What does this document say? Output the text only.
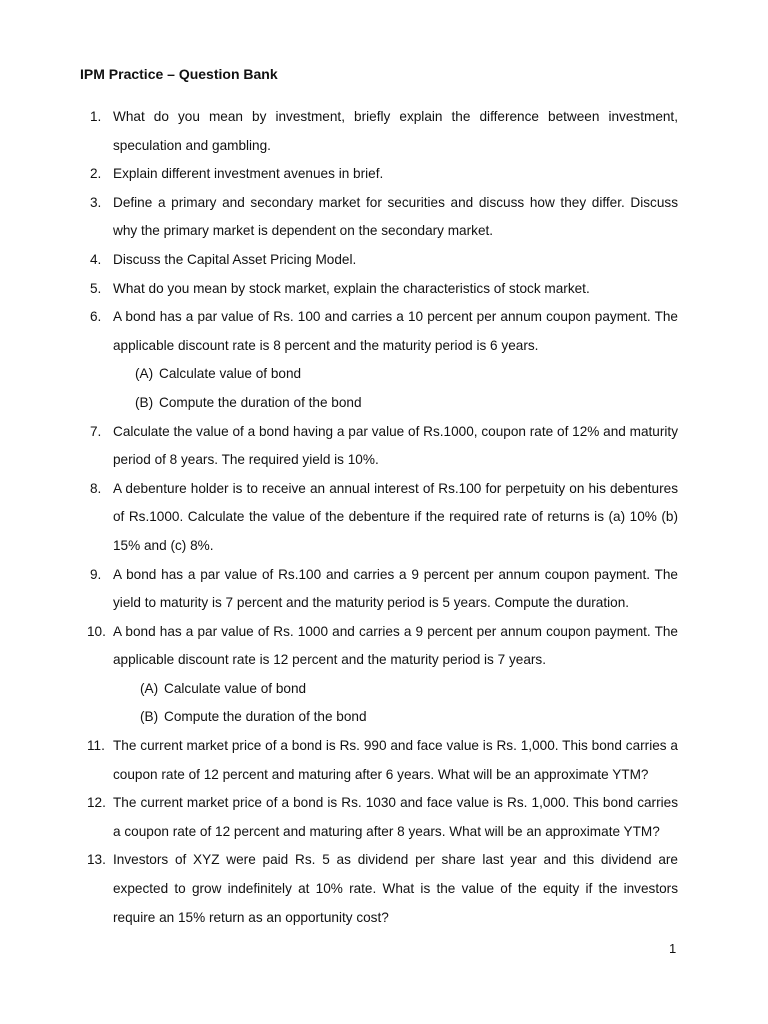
IPM Practice – Question Bank
1. What do you mean by investment, briefly explain the difference between investment, speculation and gambling.
2. Explain different investment avenues in brief.
3. Define a primary and secondary market for securities and discuss how they differ. Discuss why the primary market is dependent on the secondary market.
4. Discuss the Capital Asset Pricing Model.
5. What do you mean by stock market, explain the characteristics of stock market.
6. A bond has a par value of Rs. 100 and carries a 10 percent per annum coupon payment. The applicable discount rate is 8 percent and the maturity period is 6 years.
(A) Calculate value of bond
(B) Compute the duration of the bond
7. Calculate the value of a bond having a par value of Rs.1000, coupon rate of 12% and maturity period of 8 years. The required yield is 10%.
8. A debenture holder is to receive an annual interest of Rs.100 for perpetuity on his debentures of Rs.1000. Calculate the value of the debenture if the required rate of returns is (a) 10% (b) 15% and (c) 8%.
9. A bond has a par value of Rs.100 and carries a 9 percent per annum coupon payment. The yield to maturity is 7 percent and the maturity period is 5 years. Compute the duration.
10. A bond has a par value of Rs. 1000 and carries a 9 percent per annum coupon payment. The applicable discount rate is 12 percent and the maturity period is 7 years.
(A) Calculate value of bond
(B) Compute the duration of the bond
11. The current market price of a bond is Rs. 990 and face value is Rs. 1,000. This bond carries a coupon rate of 12 percent and maturing after 6 years. What will be an approximate YTM?
12. The current market price of a bond is Rs. 1030 and face value is Rs. 1,000. This bond carries a coupon rate of 12 percent and maturing after 8 years. What will be an approximate YTM?
13. Investors of XYZ were paid Rs. 5 as dividend per share last year and this dividend are expected to grow indefinitely at 10% rate. What is the value of the equity if the investors require an 15% return as an opportunity cost?
1
